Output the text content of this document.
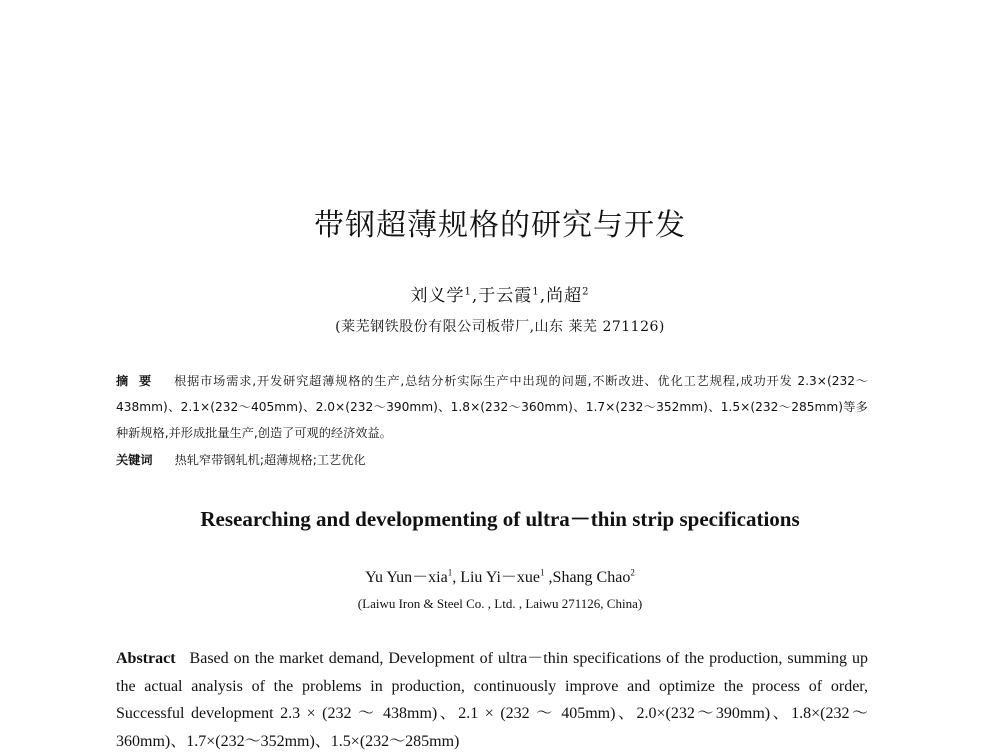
带钢超薄规格的研究与开发
刘义学$^1$,于云霞$^1$,尚超$^2$
(莱芜钢铁股份有限公司板带厂,山东 莱芜 271126)

摘要 根据市场需求,开发研究超薄规格的生产,总结分析实际生产中出现的问题,不断改进、优化工艺规程,成功开发 2.3×(232～438mm)、2.1×(232～405mm)、2.0×(232～390mm)、1.8×(232～360mm)、1.7×(232～352mm)、1.5×(232～285mm)等多种新规格,并形成批量生产,创造了可观的经济效益。

关键词 热轧窄带钢轧机;超薄规格;工艺优化

Researching and developmenting of ultra－thin strip specifications
Yu Yun－xia$^1$, Liu Yi－xue$^1$ ,Shang Chao$^2$
(Laiwu Iron & Steel Co. , Ltd. , Laiwu 271126, China)

Abstract Based on the market demand, Development of ultra－thin specifications of the production, summing up the actual analysis of the problems in production, continuously improve and optimize the process of order, Successful development 2.3 × (232 ～ 438mm)、2.1 × (232 ～ 405mm)、2.0×(232～390mm)、1.8×(232～360mm)、1.7×(232～352mm)、1.5×(232～285mm)
